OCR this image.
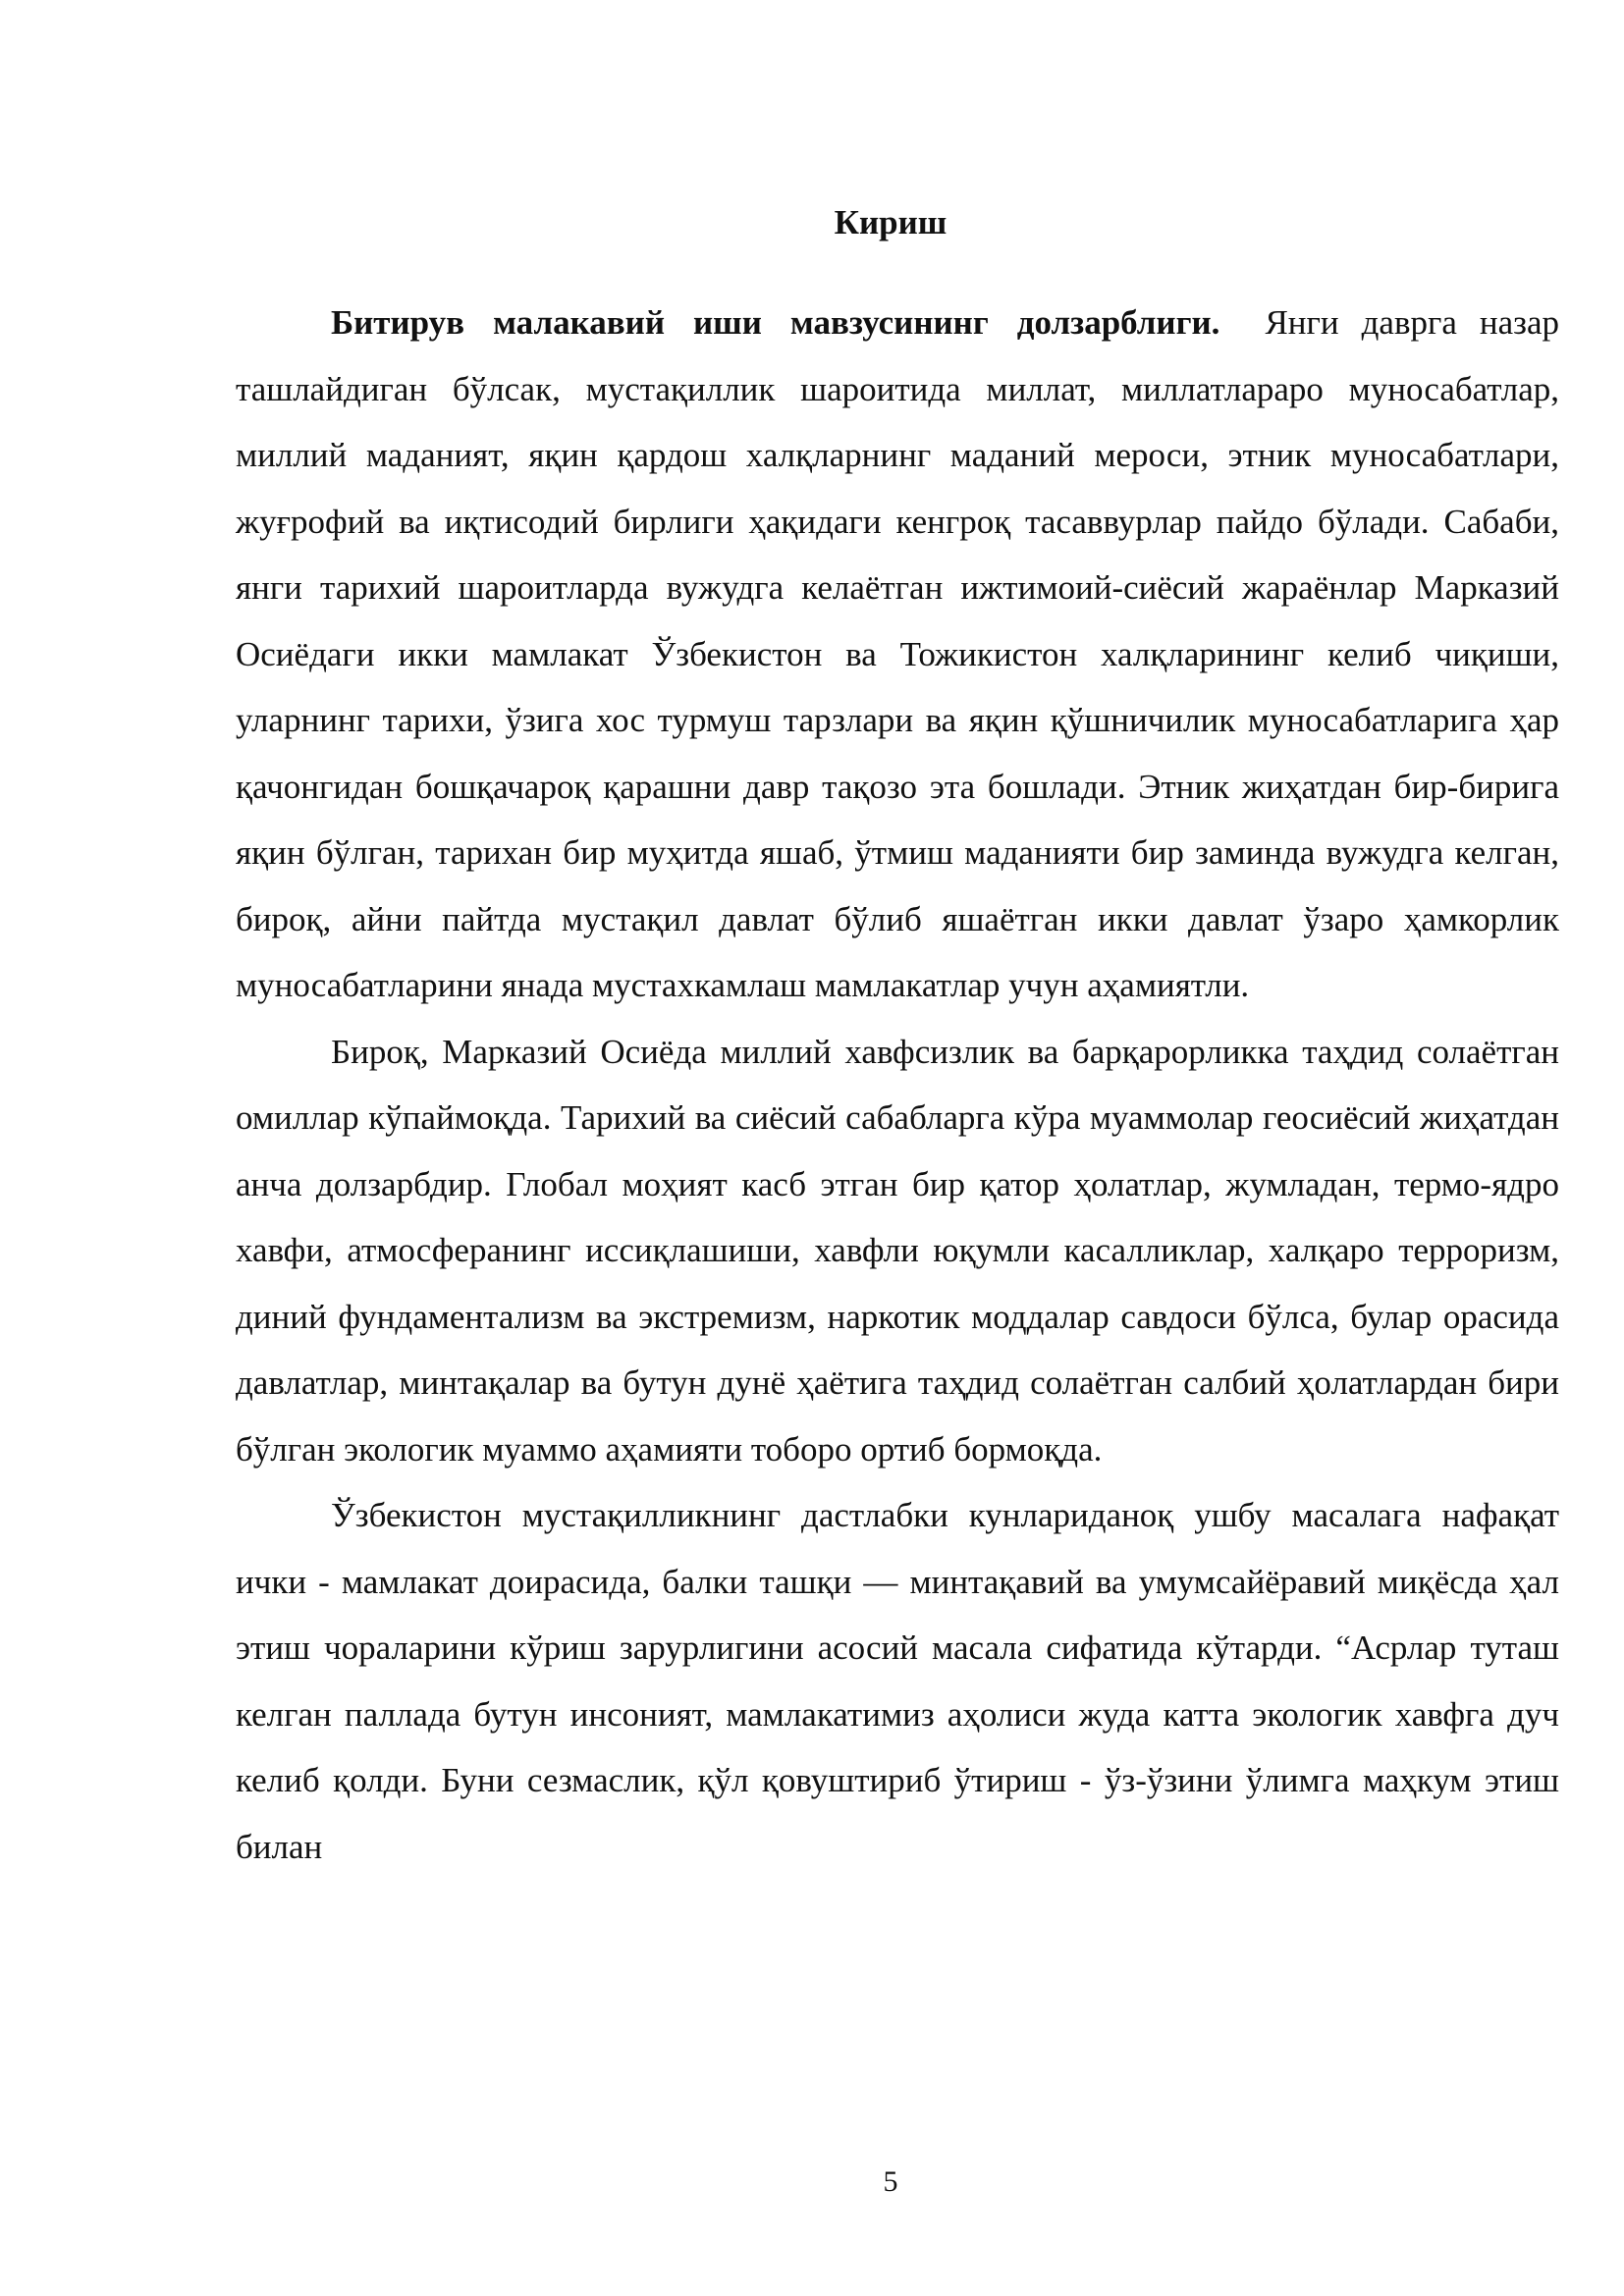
Кириш

Битирув малакавий иши мавзусининг долзарблиги. Янги даврга назар ташлайдиган бўлсак, мустақиллик шароитида миллат, миллатлараро муносабатлар, миллий маданият, яқин қардош халқларнинг маданий мероси, этник муносабатлари, жуғрофий ва иқтисодий бирлиги ҳақидаги кенгроқ тасаввурлар пайдо бўлади. Сабаби, янги тарихий шароитларда вужудга келаётган ижтимоий-сиёсий жараёнлар Марказий Осиёдаги икки мамлакат Ўзбекистон ва Тожикистон халқларининг келиб чиқиши, уларнинг тарихи, ўзига хос турмуш тарзлари ва яқин қўшничилик муносабатларига ҳар қачонгидан бошқачароқ қарашни давр тақозо эта бошлади. Этник жиҳатдан бир-бирига яқин бўлган, тарихан бир муҳитда яшаб, ўтмиш маданияти бир заминда вужудга келган, бироқ, айни пайтда мустақил давлат бўлиб яшаётган икки давлат ўзаро ҳамкорлик муносабатларини янада мустахкамлаш мамлакатлар учун аҳамиятли.

Бироқ, Марказий Осиёда миллий хавфсизлик ва барқарорликка таҳдид солаётган омиллар кўпаймоқда. Тарихий ва сиёсий сабабларга кўра муаммолар геосиёсий жиҳатдан анча долзарбдир. Глобал моҳият касб этган бир қатор ҳолатлар, жумладан, термо-ядро хавфи, атмосферанинг иссиқлашиши, хавфли юқумли касалликлар, халқаро терроризм, диний фундаментализм ва экстремизм, наркотик моддалар савдоси бўлса, булар орасида давлатлар, минтақалар ва бутун дунё ҳаётига таҳдид солаётган салбий ҳолатлардан бири бўлган экологик муаммо аҳамияти тоборо ортиб бормоқда.

Ўзбекистон мустақилликнинг дастлабки кунлариданоқ ушбу масалага нафақат ички - мамлакат доирасида, балки ташқи — минтақавий ва умумсайёравий миқёсда ҳал этиш чораларини кўриш зарурлигини асосий масала сифатида кўтарди. “Асрлар туташ келган паллада бутун инсоният, мамлакатимиз аҳолиси жуда катта экологик хавфга дуч келиб қолди. Буни сезмаслик, қўл қовуштириб ўтириш - ўз-ўзини ўлимга маҳкум этиш билан

5
